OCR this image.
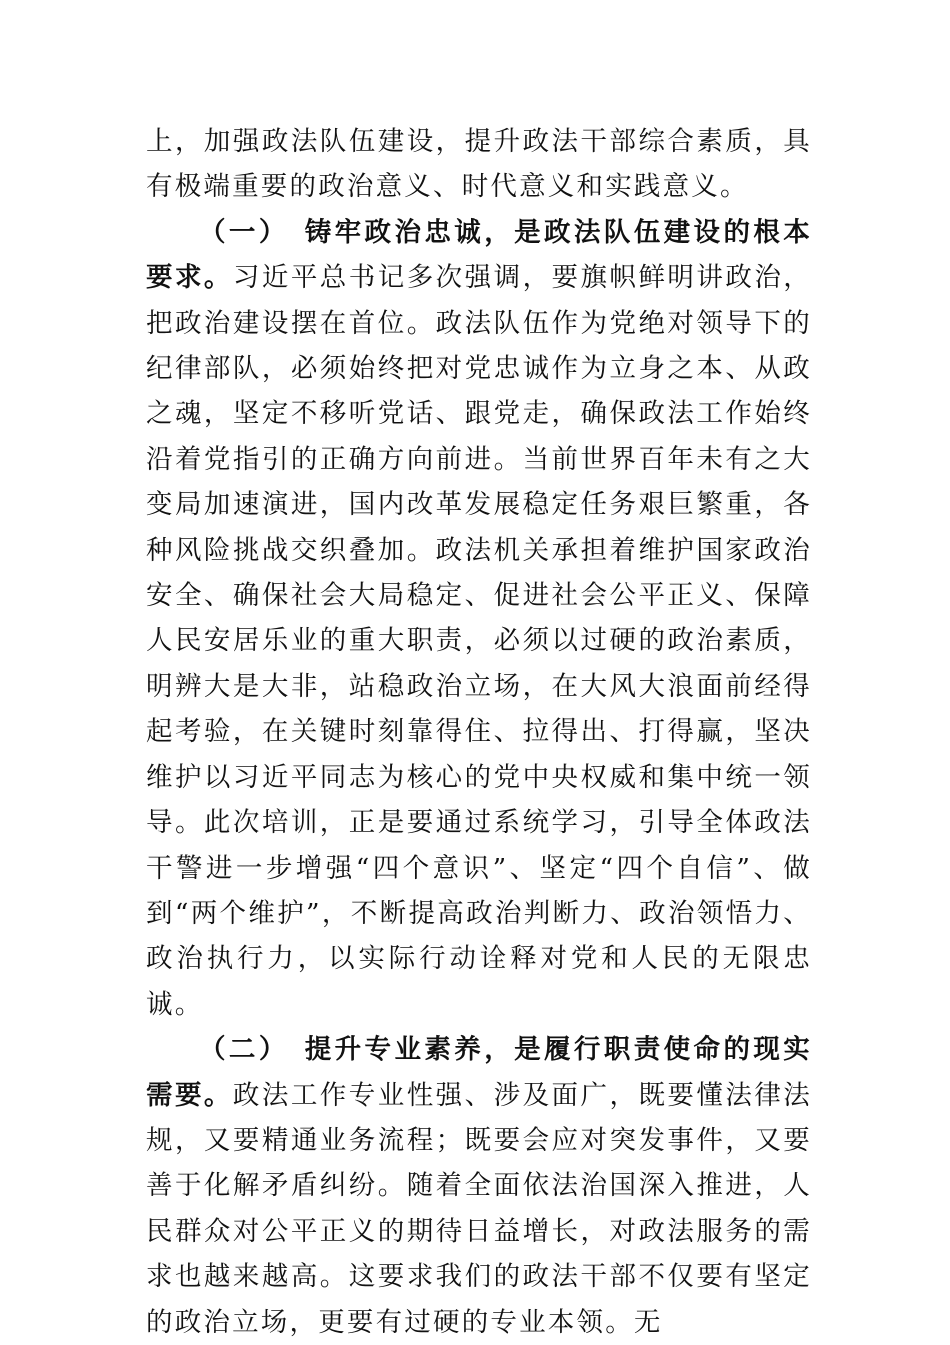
上，加强政法队伍建设，提升政法干部综合素质，具有极端重要的政治意义、时代意义和实践意义。

（一） 铸牢政治忠诚，是政法队伍建设的根本要求。习近平总书记多次强调，要旗帜鲜明讲政治，把政治建设摆在首位。政法队伍作为党绝对领导下的纪律部队，必须始终把对党忠诚作为立身之本、从政之魂，坚定不移听党话、跟党走，确保政法工作始终沿着党指引的正确方向前进。当前世界百年未有之大变局加速演进，国内改革发展稳定任务艰巨繁重，各种风险挑战交织叠加。政法机关承担着维护国家政治安全、确保社会大局稳定、促进社会公平正义、保障人民安居乐业的重大职责，必须以过硬的政治素质，明辨大是大非，站稳政治立场，在大风大浪面前经得起考验，在关键时刻靠得住、拉得出、打得赢，坚决维护以习近平同志为核心的党中央权威和集中统一领导。此次培训，正是要通过系统学习，引导全体政法干警进一步增强“四个意识”、坚定“四个自信”、做到“两个维护”，不断提高政治判断力、政治领悟力、政治执行力，以实际行动诠释对党和人民的无限忠诚。

（二） 提升专业素养，是履行职责使命的现实需要。政法工作专业性强、涉及面广，既要懂法律法规，又要精通业务流程；既要会应对突发事件，又要善于化解矛盾纠纷。随着全面依法治国深入推进，人民群众对公平正义的期待日益增长，对政法服务的需求也越来越高。这要求我们的政法干部不仅要有坚定的政治立场，更要有过硬的专业本领。无
